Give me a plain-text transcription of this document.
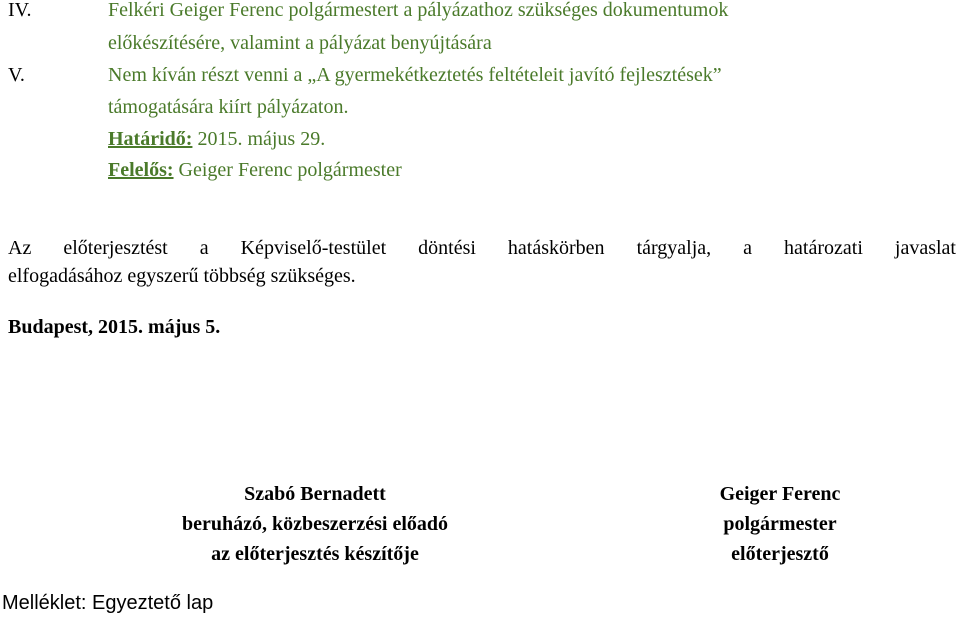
IV.	Felkéri Geiger Ferenc polgármestert a pályázathoz szükséges dokumentumok
előkészítésére, valamint a pályázat benyújtására
V.	Nem kíván részt venni a „A gyermekétkeztetés feltételeit javító fejlesztések”
támogatására kiírt pályázaton.
Határidő: 2015. május 29.
Felelős: Geiger Ferenc polgármester
Az előterjesztést a Képviselő-testület döntési hatáskörben tárgyalja, a határozati javaslat
elfogadásához egyszerű többség szükséges.
Budapest, 2015. május 5.
Szabó Bernadett
beruházó, közbeszerzési előadó
az előterjesztés készítője
Geiger Ferenc
polgármester
előterjesztő
Melléklet: Egyeztető lap
